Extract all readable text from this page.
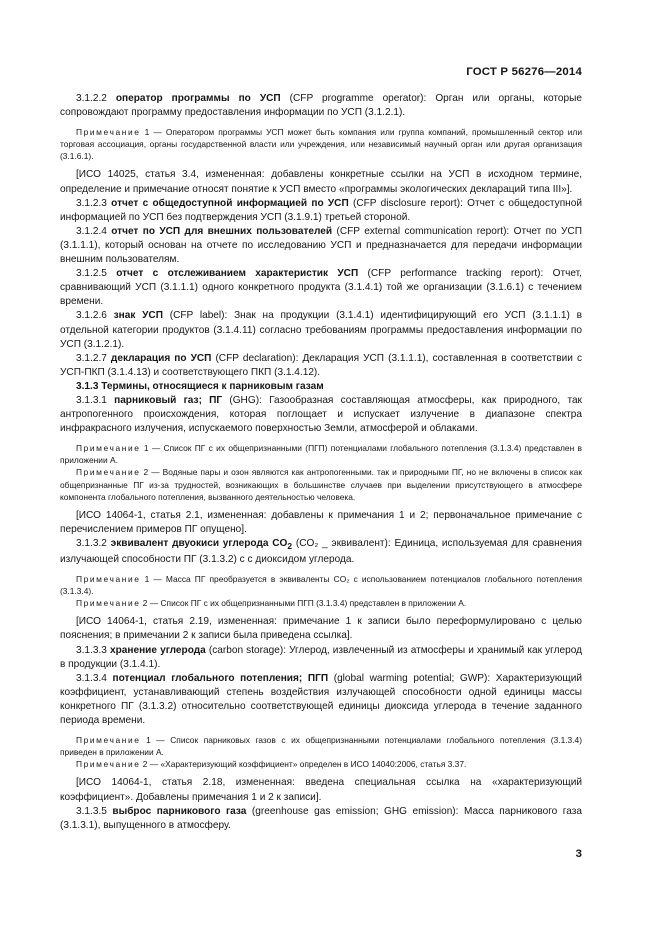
ГОСТ Р 56276—2014

3.1.2.2 оператор программы по УСП (CFP programme operator): Орган или органы, которые сопровождают программу предоставления информации по УСП (3.1.2.1).

Примечание 1 — Оператором программы УСП может быть компания или группа компаний, промышленный сектор или торговая ассоциация, органы государственной власти или учреждения, или независимый научный орган или другая организация (3.1.6.1).

[ИСО 14025, статья 3.4, измененная: добавлены конкретные ссылки на УСП в исходном термине, определение и примечание относят понятие к УСП вместо «программы экологических деклараций типа III»].

3.1.2.3 отчет с общедоступной информацией по УСП (CFP disclosure report): Отчет с общедоступной информацией по УСП без подтверждения УСП (3.1.9.1) третьей стороной.

3.1.2.4 отчет по УСП для внешних пользователей (CFP external communication report): Отчет по УСП (3.1.1.1), который основан на отчете по исследованию УСП и предназначается для передачи информации внешним пользователям.

3.1.2.5 отчет с отслеживанием характеристик УСП (CFP performance tracking report): Отчет, сравнивающий УСП (3.1.1.1) одного конкретного продукта (3.1.4.1) той же организации (3.1.6.1) с течением времени.

3.1.2.6 знак УСП (CFP label): Знак на продукции (3.1.4.1) идентифицирующий его УСП (3.1.1.1) в отдельной категории продуктов (3.1.4.11) согласно требованиям программы предоставления информации по УСП (3.1.2.1).

3.1.2.7 декларация по УСП (CFP declaration): Декларация УСП (3.1.1.1), составленная в соответствии с УСП-ПКП (3.1.4.13) и соответствующего ПКП (3.1.4.12).

3.1.3 Термины, относящиеся к парниковым газам

3.1.3.1 парниковый газ; ПГ (GHG): Газообразная составляющая атмосферы, как природного, так антропогенного происхождения, которая поглощает и испускает излучение в диапазоне спектра инфракрасного излучения, испускаемого поверхностью Земли, атмосферой и облаками.

Примечание 1 — Список ПГ с их общепризнанными (ПГП) потенциалами глобального потепления (3.1.3.4) представлен в приложении А.

Примечание 2 — Водяные пары и озон являются как антропогенными. так и природными ПГ, но не включены в список как общепризнанные ПГ из-за трудностей, возникающих в большинстве случаев при выделении присутствующего в атмосфере компонента глобального потепления, вызванного деятельностью человека.

[ИСО 14064-1, статья 2.1, измененная: добавлены к примечания 1 и 2; первоначальное примечание с перечислением примеров ПГ опущено].

3.1.3.2 эквивалент двуокиси углерода $CO_2$ (CO₂ _ эквивалент): Единица, используемая для сравнения излучающей способности ПГ (3.1.3.2) с с диоксидом углерода.

Примечание 1 — Масса ПГ преобразуется в эквиваленты CO₂ с использованием потенциалов глобального потепления (3.1.3.4).

Примечание 2 — Список ПГ с их общепризнанными ПГП (3.1.3.4) представлен в приложении А.

[ИСО 14064-1, статья 2.19, измененная: примечание 1 к записи было переформулировано с целью пояснения; в примечании 2 к записи была приведена ссылка].

3.1.3.3 хранение углерода (carbon storage): Углерод, извлеченный из атмосферы и хранимый как углерод в продукции (3.1.4.1).

3.1.3.4 потенциал глобального потепления; ПГП (global warming potential; GWP): Характеризующий коэффициент, устанавливающий степень воздействия излучающей способности одной единицы массы конкретного ПГ (3.1.3.2) относительно соответствующей единицы диоксида углерода в течение заданного периода времени.

Примечание 1 — Список парниковых газов с их общепризнанными потенциалами глобального потепления (3.1.3.4) приведен в приложении А.

Примечание 2 — «Характеризующий коэффициент» определен в ИСО 14040:2006, статья 3.37.

[ИСО 14064-1, статья 2.18, измененная: введена специальная ссылка на «характеризующий коэффициент». Добавлены примечания 1 и 2 к записи].

3.1.3.5 выброс парникового газа (greenhouse gas emission; GHG emission): Масса парникового газа (3.1.3.1), выпущенного в атмосферу.

3
